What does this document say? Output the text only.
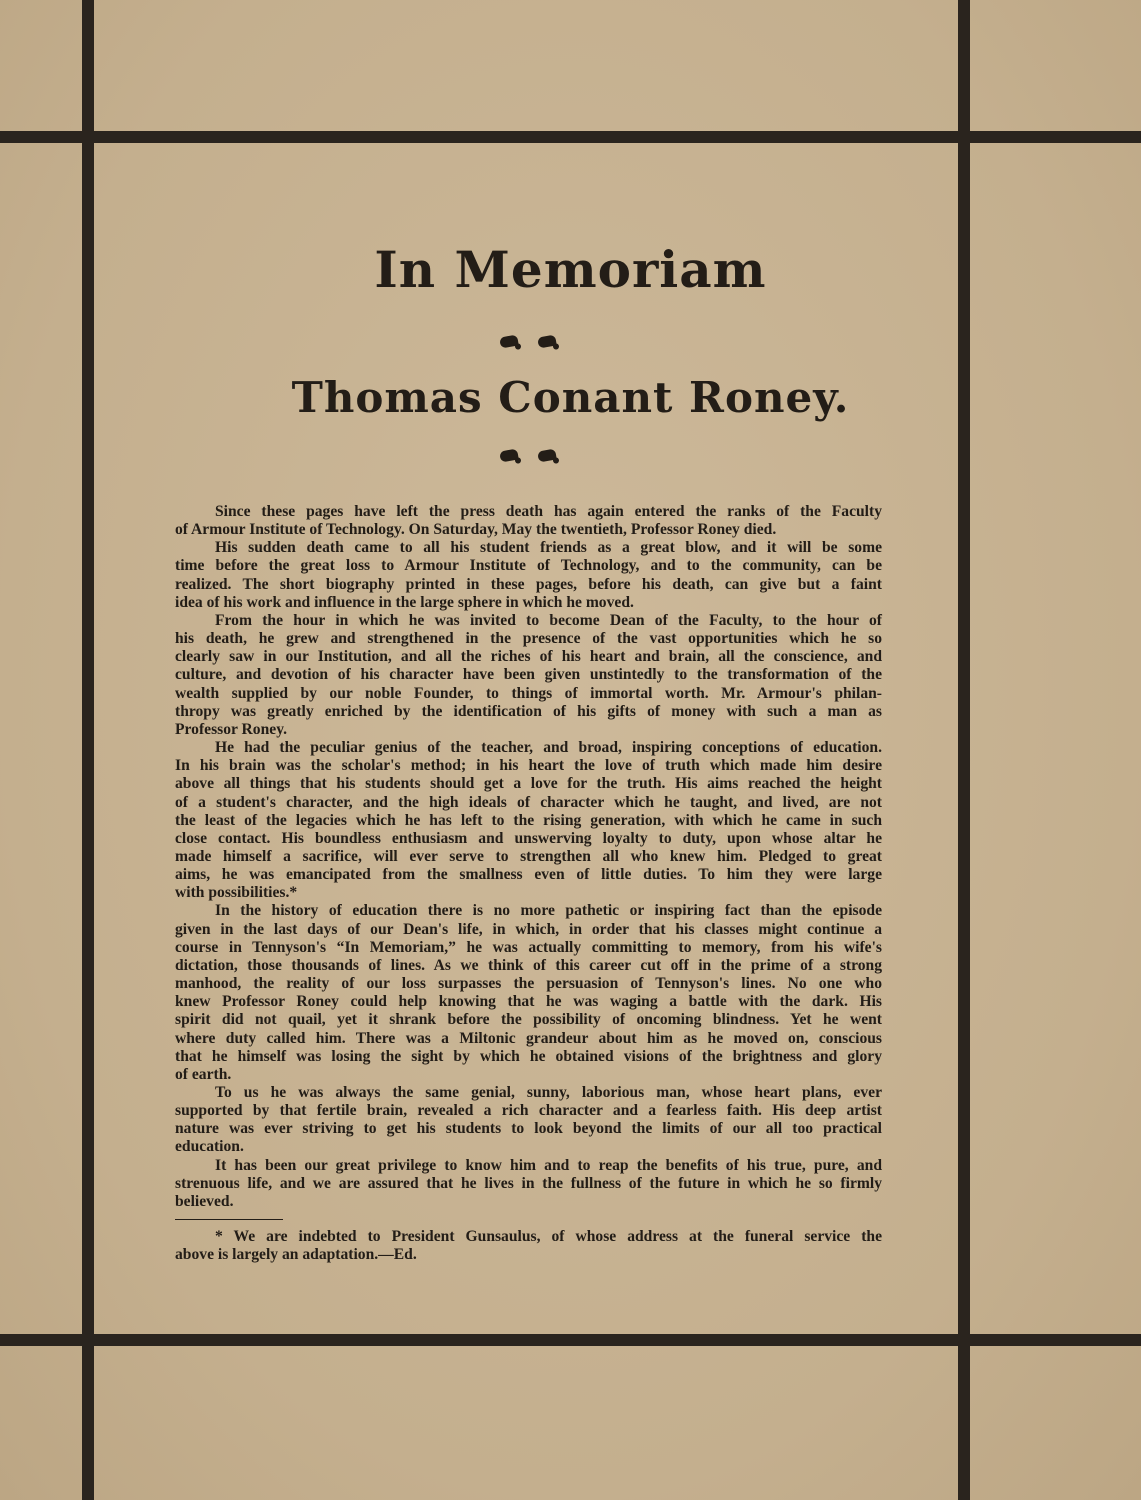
In Memoriam
Thomas Conant Roney.
Since these pages have left the press death has again entered the ranks of the Faculty
of Armour Institute of Technology. On Saturday, May the twentieth, Professor Roney died.
His sudden death came to all his student friends as a great blow, and it will be some
time before the great loss to Armour Institute of Technology, and to the community, can be
realized. The short biography printed in these pages, before his death, can give but a faint
idea of his work and influence in the large sphere in which he moved.
From the hour in which he was invited to become Dean of the Faculty, to the hour of
his death, he grew and strengthened in the presence of the vast opportunities which he so
clearly saw in our Institution, and all the riches of his heart and brain, all the conscience, and
culture, and devotion of his character have been given unstintedly to the transformation of the
wealth supplied by our noble Founder, to things of immortal worth. Mr. Armour's philan-
thropy was greatly enriched by the identification of his gifts of money with such a man as
Professor Roney.
He had the peculiar genius of the teacher, and broad, inspiring conceptions of education.
In his brain was the scholar's method; in his heart the love of truth which made him desire
above all things that his students should get a love for the truth. His aims reached the height
of a student's character, and the high ideals of character which he taught, and lived, are not
the least of the legacies which he has left to the rising generation, with which he came in such
close contact. His boundless enthusiasm and unswerving loyalty to duty, upon whose altar he
made himself a sacrifice, will ever serve to strengthen all who knew him. Pledged to great
aims, he was emancipated from the smallness even of little duties. To him they were large
with possibilities.*
In the history of education there is no more pathetic or inspiring fact than the episode
given in the last days of our Dean's life, in which, in order that his classes might continue a
course in Tennyson's “In Memoriam,” he was actually committing to memory, from his wife's
dictation, those thousands of lines. As we think of this career cut off in the prime of a strong
manhood, the reality of our loss surpasses the persuasion of Tennyson's lines. No one who
knew Professor Roney could help knowing that he was waging a battle with the dark. His
spirit did not quail, yet it shrank before the possibility of oncoming blindness. Yet he went
where duty called him. There was a Miltonic grandeur about him as he moved on, conscious
that he himself was losing the sight by which he obtained visions of the brightness and glory
of earth.
To us he was always the same genial, sunny, laborious man, whose heart plans, ever
supported by that fertile brain, revealed a rich character and a fearless faith. His deep artist
nature was ever striving to get his students to look beyond the limits of our all too practical
education.
It has been our great privilege to know him and to reap the benefits of his true, pure, and
strenuous life, and we are assured that he lives in the fullness of the future in which he so firmly
believed.
* We are indebted to President Gunsaulus, of whose address at the funeral service the
above is largely an adaptation.—Ed.
